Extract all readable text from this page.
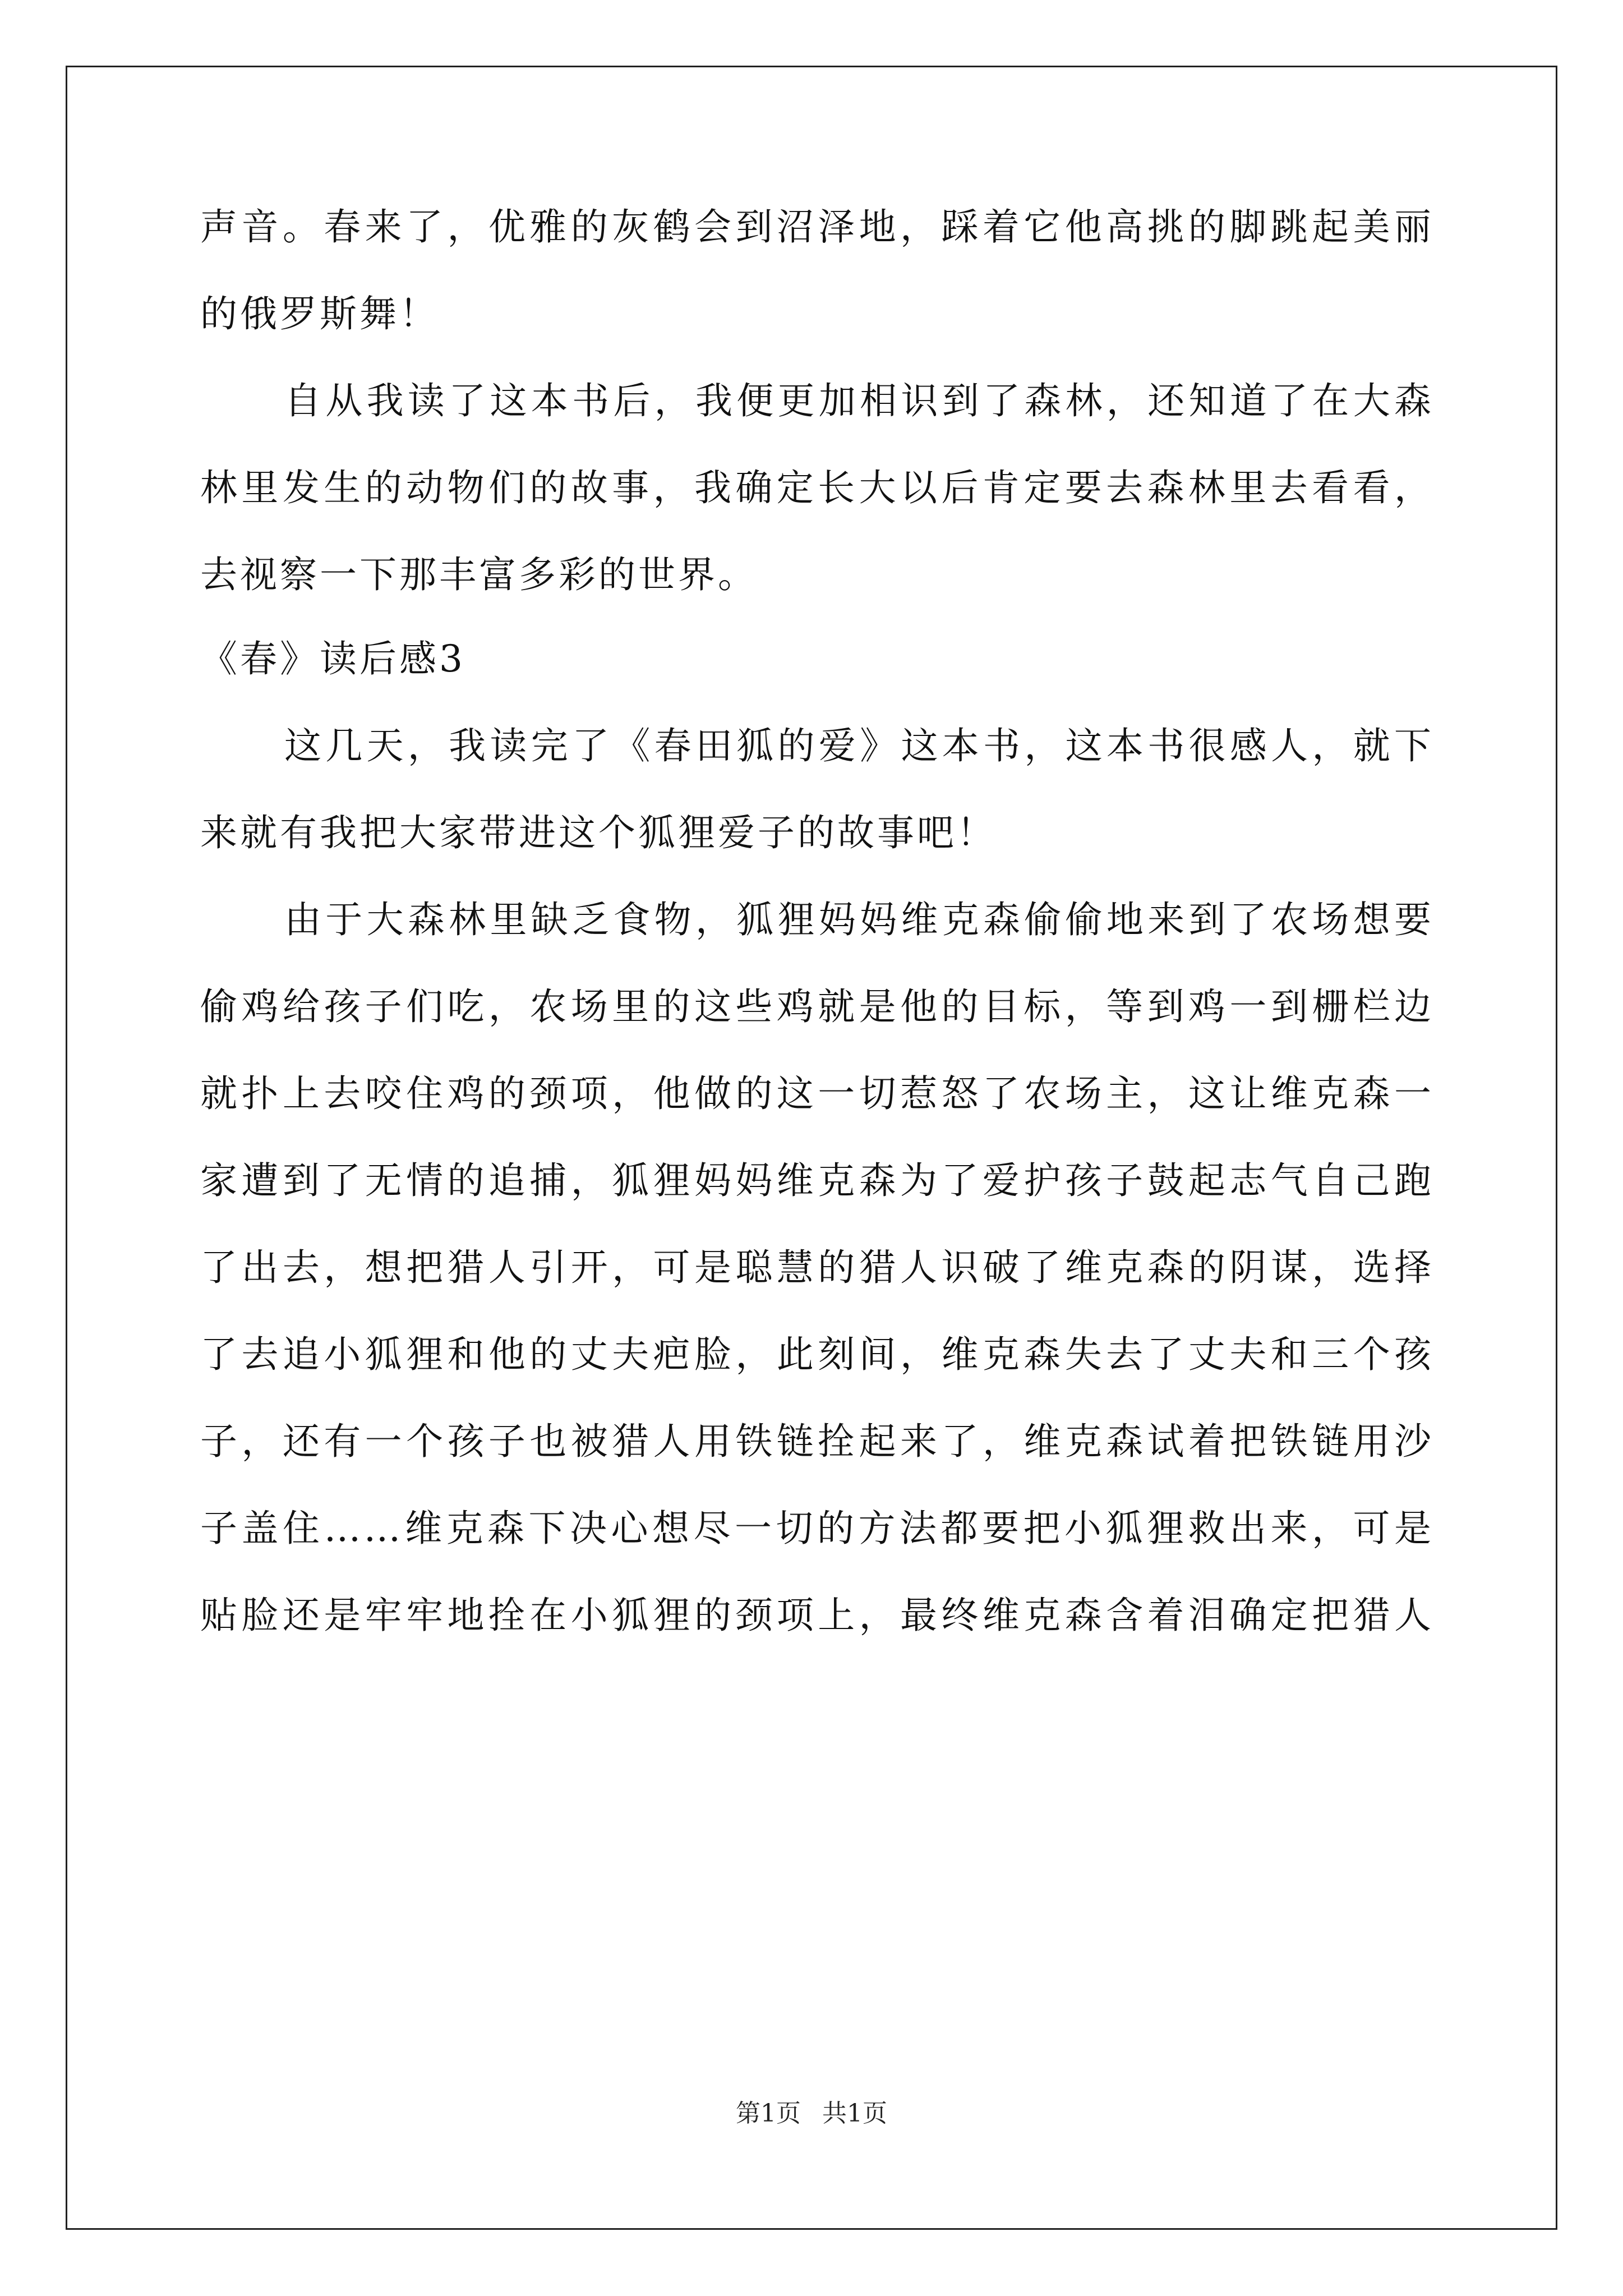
声音。春来了，优雅的灰鹤会到沼泽地，踩着它他高挑的脚跳起美丽
的俄罗斯舞！
自从我读了这本书后，我便更加相识到了森林，还知道了在大森
林里发生的动物们的故事，我确定长大以后肯定要去森林里去看看，
去视察一下那丰富多彩的世界。
《春》读后感3
这几天，我读完了《春田狐的爱》这本书，这本书很感人，就下
来就有我把大家带进这个狐狸爱子的故事吧！
由于大森林里缺乏食物，狐狸妈妈维克森偷偷地来到了农场想要
偷鸡给孩子们吃，农场里的这些鸡就是他的目标，等到鸡一到栅栏边
就扑上去咬住鸡的颈项，他做的这一切惹怒了农场主，这让维克森一
家遭到了无情的追捕，狐狸妈妈维克森为了爱护孩子鼓起志气自己跑
了出去，想把猎人引开，可是聪慧的猎人识破了维克森的阴谋，选择
了去追小狐狸和他的丈夫疤脸，此刻间，维克森失去了丈夫和三个孩
子，还有一个孩子也被猎人用铁链拴起来了，维克森试着把铁链用沙
子盖住……维克森下决心想尽一切的方法都要把小狐狸救出来，可是
贴脸还是牢牢地拴在小狐狸的颈项上，最终维克森含着泪确定把猎人
第1页 共1页
